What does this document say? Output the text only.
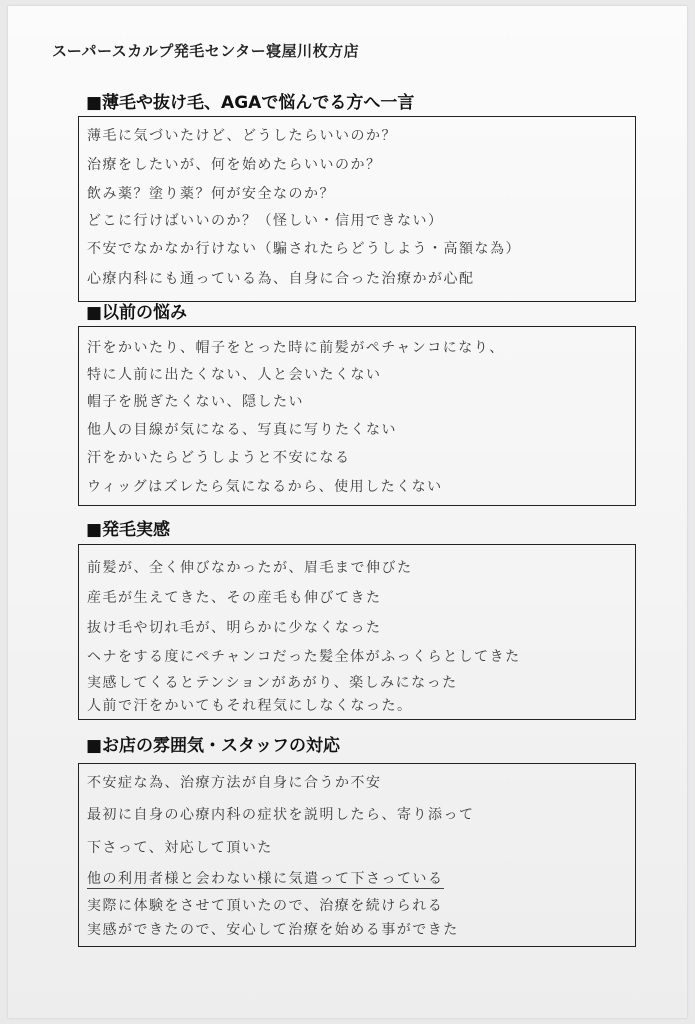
スーパースカルプ発毛センター寝屋川枚方店
■薄毛や抜け毛、AGAで悩んでる方へ一言
薄毛に気づいたけど、どうしたらいいのか？
治療をしたいが、何を始めたらいいのか？
飲み薬？塗り薬？何が安全なのか？
どこに行けばいいのか？（怪しい・信用できない）
不安でなかなか行けない（騙されたらどうしよう・高額な為）
心療内科にも通っている為、自身に合った治療かが心配
■以前の悩み
汗をかいたり、帽子をとった時に前髪がペチャンコになり、
特に人前に出たくない、人と会いたくない
帽子を脱ぎたくない、隠したい
他人の目線が気になる、写真に写りたくない
汗をかいたらどうしようと不安になる
ウィッグはズレたら気になるから、使用したくない
■発毛実感
前髪が、全く伸びなかったが、眉毛まで伸びた
産毛が生えてきた、その産毛も伸びてきた
抜け毛や切れ毛が、明らかに少なくなった
ヘナをする度にペチャンコだった髪全体がふっくらとしてきた
実感してくるとテンションがあがり、楽しみになった
人前で汗をかいてもそれ程気にしなくなった。
■お店の雰囲気・スタッフの対応
不安症な為、治療方法が自身に合うか不安
最初に自身の心療内科の症状を説明したら、寄り添って
下さって、対応して頂いた
他の利用者様と会わない様に気遣って下さっている
実際に体験をさせて頂いたので、治療を続けられる
実感ができたので、安心して治療を始める事ができた
